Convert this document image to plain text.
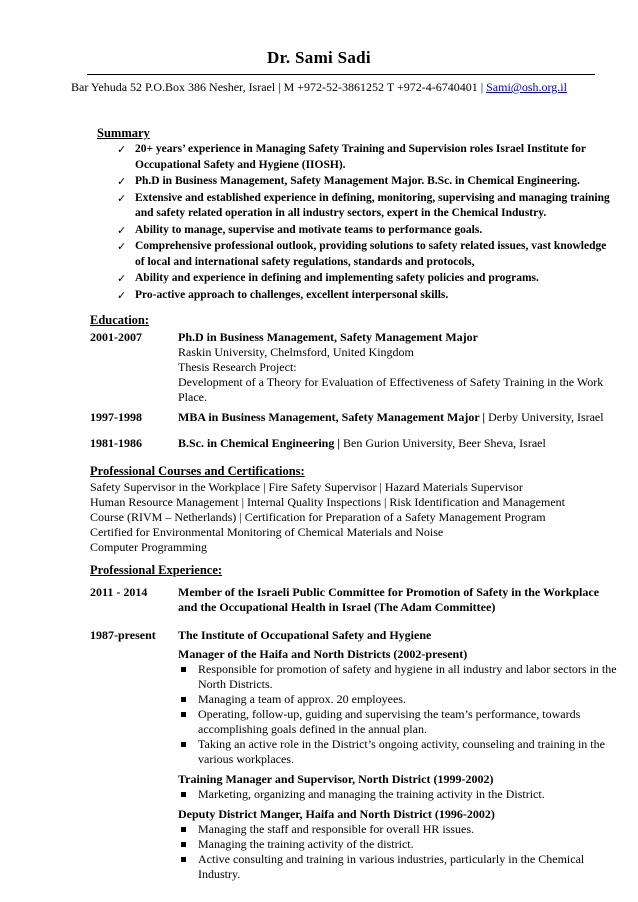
Dr. Sami Sadi
Bar Yehuda 52 P.O.Box 386 Nesher, Israel | M +972-52-3861252 T +972-4-6740401 | Sami@osh.org.il
Summary
✓ 20+ years’ experience in Managing Safety Training and Supervision roles Israel Institute for Occupational Safety and Hygiene (IIOSH).
✓ Ph.D in Business Management, Safety Management Major. B.Sc. in Chemical Engineering.
✓ Extensive and established experience in defining, monitoring, supervising and managing training and safety related operation in all industry sectors, expert in the Chemical Industry.
✓ Ability to manage, supervise and motivate teams to performance goals.
✓ Comprehensive professional outlook, providing solutions to safety related issues, vast knowledge of local and international safety regulations, standards and protocols,
✓ Ability and experience in defining and implementing safety policies and programs.
✓ Pro-active approach to challenges, excellent interpersonal skills.
Education:
2001-2007	Ph.D in Business Management, Safety Management Major
Raskin University, Chelmsford, United Kingdom
Thesis Research Project:
Development of a Theory for Evaluation of Effectiveness of Safety Training in the Work Place.
1997-1998	MBA in Business Management, Safety Management Major | Derby University, Israel
1981-1986	B.Sc. in Chemical Engineering | Ben Gurion University, Beer Sheva, Israel
Professional Courses and Certifications:
Safety Supervisor in the Workplace | Fire Safety Supervisor | Hazard Materials Supervisor
Human Resource Management | Internal Quality Inspections | Risk Identification and Management
Course (RIVM – Netherlands) | Certification for Preparation of a Safety Management Program
Certified for Environmental Monitoring of Chemical Materials and Noise
Computer Programming
Professional Experience:
2011 - 2014	Member of the Israeli Public Committee for Promotion of Safety in the Workplace and the Occupational Health in Israel (The Adam Committee)
1987-present The Institute of Occupational Safety and Hygiene
Manager of the Haifa and North Districts (2002-present)
Responsible for promotion of safety and hygiene in all industry and labor sectors in the North Districts.
Managing a team of approx. 20 employees.
Operating, follow-up, guiding and supervising the team’s performance, towards accomplishing goals defined in the annual plan.
Taking an active role in the District’s ongoing activity, counseling and training in the various workplaces.
Training Manager and Supervisor, North District (1999-2002)
Marketing, organizing and managing the training activity in the District.
Deputy District Manger, Haifa and North District (1996-2002)
Managing the staff and responsible for overall HR issues.
Managing the training activity of the district.
Active consulting and training in various industries, particularly in the Chemical Industry.
